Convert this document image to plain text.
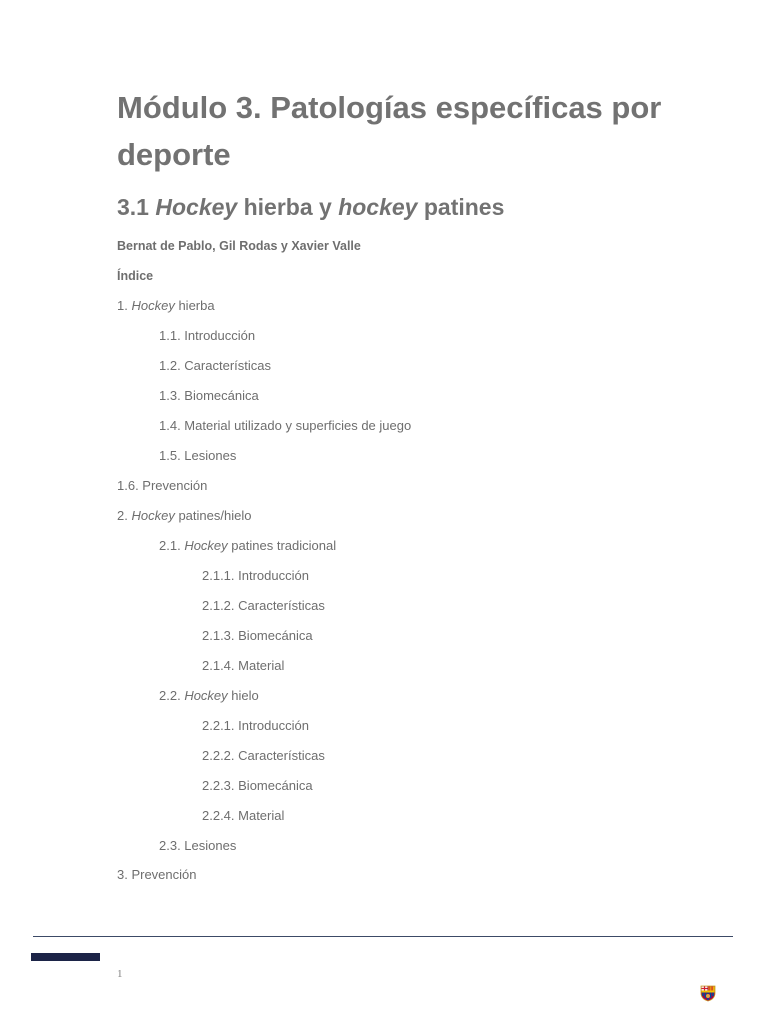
Módulo 3. Patologías específicas por deporte
3.1 Hockey hierba y hockey patines

Bernat de Pablo, Gil Rodas y Xavier Valle

Índice

1. Hockey hierba
1.1. Introducción
1.2. Características
1.3. Biomecánica
1.4. Material utilizado y superficies de juego
1.5. Lesiones
1.6. Prevención
2. Hockey patines/hielo
2.1. Hockey patines tradicional
2.1.1. Introducción
2.1.2. Características
2.1.3. Biomecánica
2.1.4. Material
2.2. Hockey hielo
2.2.1. Introducción
2.2.2. Características
2.2.3. Biomecánica
2.2.4. Material
2.3. Lesiones
3. Prevención
1
